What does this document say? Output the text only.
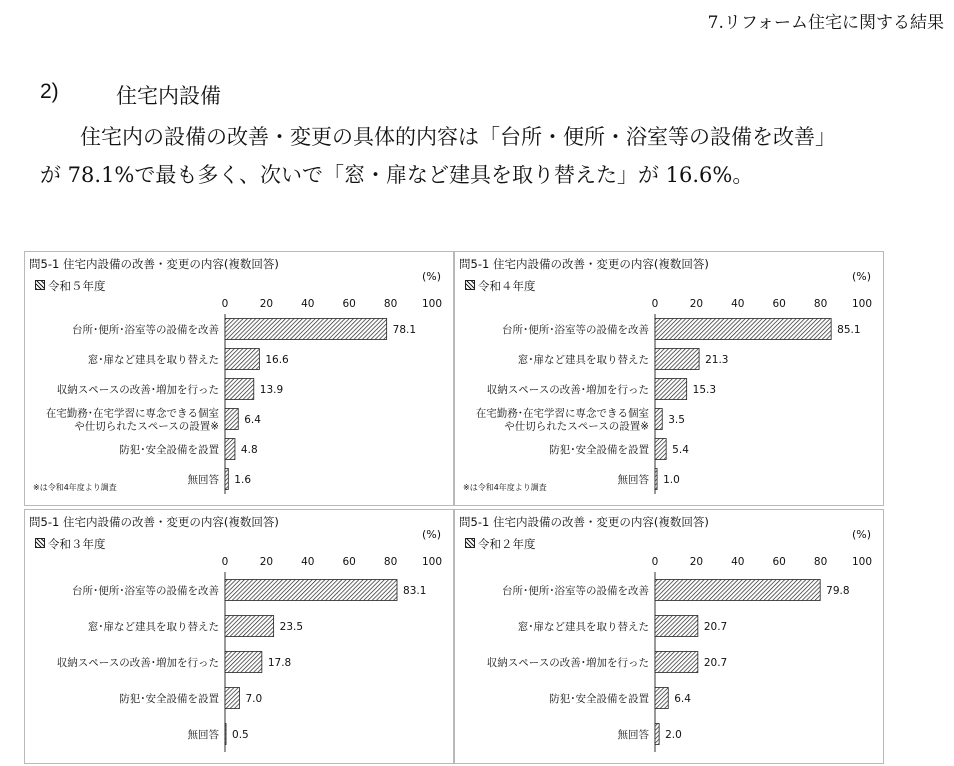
7.リフォーム住宅に関する結果
2)	住宅内設備
住宅内の設備の改善・変更の具体的内容は「台所・便所・浴室等の設備を改善」
が 78.1%で最も多く、次いで「窓・扉など建具を取り替えた」が 16.6%。
0	20	40	60	80 100
78.1
台所･便所･浴室等の設備を改善
16.6
窓･扉など建具を取り替えた
13.9
収納スペースの改善･増加を行った
6.4
在宅勤務･在宅学習に専念できる個室
や仕切られたスペースの設置※
4.8
防犯･安全設備を設置
1.6
無回答
問5-1 住宅内設備の改善・変更の内容(複数回答)
(%)
令和５年度
※は令和4年度より調査
0	20	40	60	80 100
85.1
台所･便所･浴室等の設備を改善
21.3
窓･扉など建具を取り替えた
15.3
収納スペースの改善･増加を行った
3.5
在宅勤務･在宅学習に専念できる個室
や仕切られたスペースの設置※
5.4
防犯･安全設備を設置
1.0
無回答
問5-1 住宅内設備の改善・変更の内容(複数回答)
(%)
令和４年度
※は令和4年度より調査
0	20	40	60	80 100
83.1
台所･便所･浴室等の設備を改善
23.5
窓･扉など建具を取り替えた
17.8
収納スペースの改善･増加を行った
7.0
防犯･安全設備を設置
0.5
無回答
問5-1 住宅内設備の改善・変更の内容(複数回答)
(%)
令和３年度
0	20	40	60	80 100
79.8
台所･便所･浴室等の設備を改善
20.7
窓･扉など建具を取り替えた
20.7
収納スペースの改善･増加を行った
6.4
防犯･安全設備を設置
2.0
無回答
問5-1 住宅内設備の改善・変更の内容(複数回答)
(%)
令和２年度
